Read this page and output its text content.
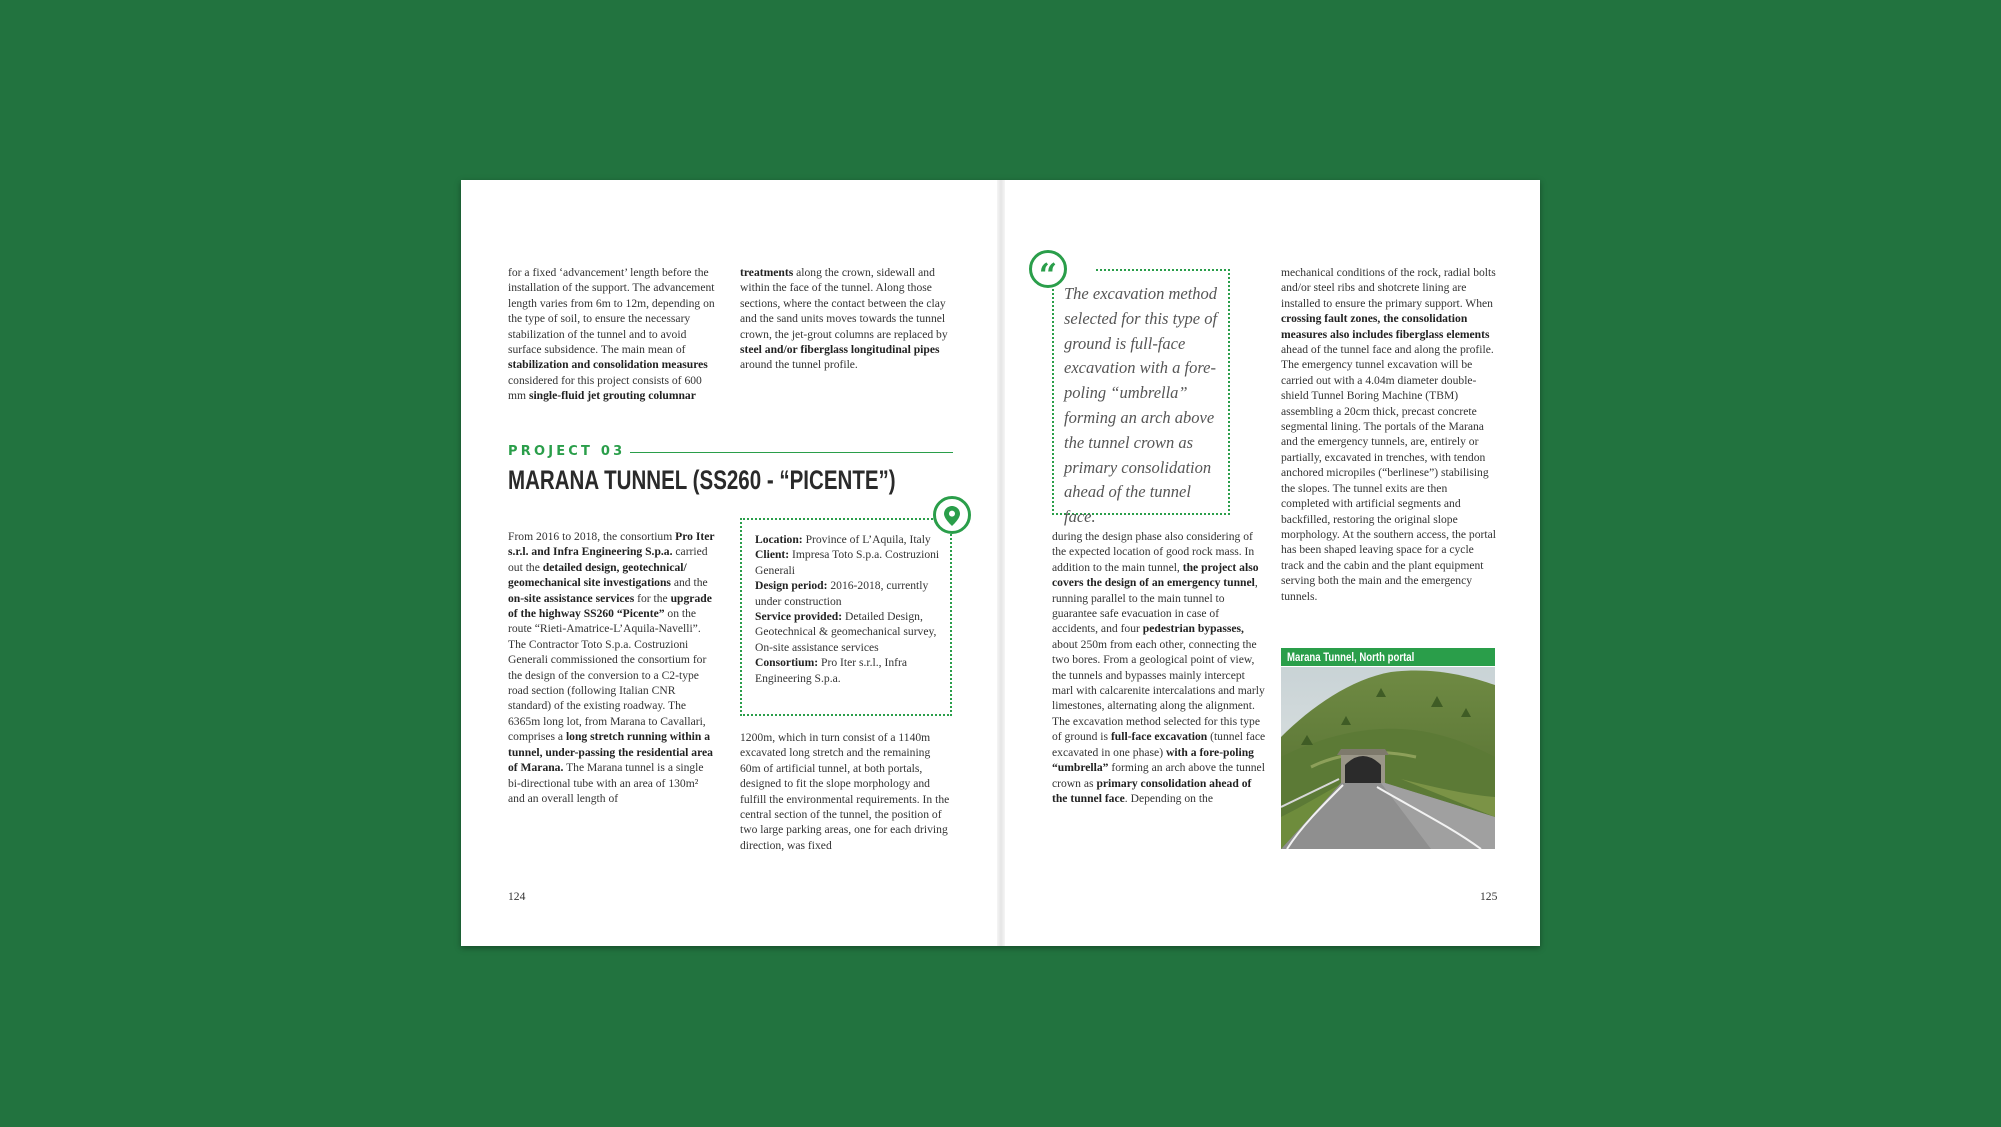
for a fixed ‘advancement’ length before the installation of the support. The advancement length varies from 6m to 12m, depending on the type of soil, to ensure the necessary stabilization of the tunnel and to avoid surface subsidence. The main mean of stabilization and consolidation measures considered for this project consists of 600 mm single-fluid jet grouting columnar

treatments along the crown, sidewall and within the face of the tunnel. Along those sections, where the contact between the clay and the sand units moves towards the tunnel crown, the jet-grout columns are replaced by steel and/or fiberglass longitudinal pipes around the tunnel profile.

PROJECT 03
MARANA TUNNEL (SS260 - “PICENTE”)

From 2016 to 2018, the consortium Pro Iter s.r.l. and Infra Engineering S.p.a. carried out the detailed design, geotechnical/ geomechanical site investigations and the on-site assistance services for the upgrade of the highway SS260 “Picente” on the route “Rieti-Amatrice-L’Aquila-Navelli”. The Contractor Toto S.p.a. Costruzioni Generali commissioned the consortium for the design of the conversion to a C2-type road section (following Italian CNR standard) of the existing roadway. The 6365m long lot, from Marana to Cavallari, comprises a long stretch running within a tunnel, under-passing the residential area of Marana. The Marana tunnel is a single bi-directional tube with an area of 130m² and an overall length of

Location: Province of L’Aquila, Italy

Client: Impresa Toto S.p.a. Costruzioni Generali

Design period: 2016-2018, currently under construction

Service provided: Detailed Design, Geotechnical & geomechanical survey, On-site assistance services

Consortium: Pro Iter s.r.l., Infra Engineering S.p.a.

1200m, which in turn consist of a 1140m excavated long stretch and the remaining 60m of artificial tunnel, at both portals, designed to fit the slope morphology and fulfill the environmental requirements. In the central section of the tunnel, the position of two large parking areas, one for each driving direction, was fixed

124
“ The excavation method selected for this type of ground is full-face excavation with a fore-poling “umbrella” forming an arch above the tunnel crown as primary consolidation ahead of the tunnel face.

during the design phase also considering of the expected location of good rock mass. In addition to the main tunnel, the project also covers the design of an emergency tunnel, running parallel to the main tunnel to guarantee safe evacuation in case of accidents, and four pedestrian bypasses, about 250m from each other, connecting the two bores. From a geological point of view, the tunnels and bypasses mainly intercept marl with calcarenite intercalations and marly limestones, alternating along the alignment. The excavation method selected for this type of ground is full-face excavation (tunnel face excavated in one phase) with a fore-poling “umbrella” forming an arch above the tunnel crown as primary consolidation ahead of the tunnel face. Depending on the

mechanical conditions of the rock, radial bolts and/or steel ribs and shotcrete lining are installed to ensure the primary support. When crossing fault zones, the consolidation measures also includes fiberglass elements ahead of the tunnel face and along the profile. The emergency tunnel excavation will be carried out with a 4.04m diameter double-shield Tunnel Boring Machine (TBM) assembling a 20cm thick, precast concrete segmental lining. The portals of the Marana and the emergency tunnels, are, entirely or partially, excavated in trenches, with tendon anchored micropiles (“berlinese”) stabilising the slopes. The tunnel exits are then completed with artificial segments and backfilled, restoring the original slope morphology. At the southern access, the portal has been shaped leaving space for a cycle track and the cabin and the plant equipment serving both the main and the emergency tunnels.

Marana Tunnel, North portal
125
